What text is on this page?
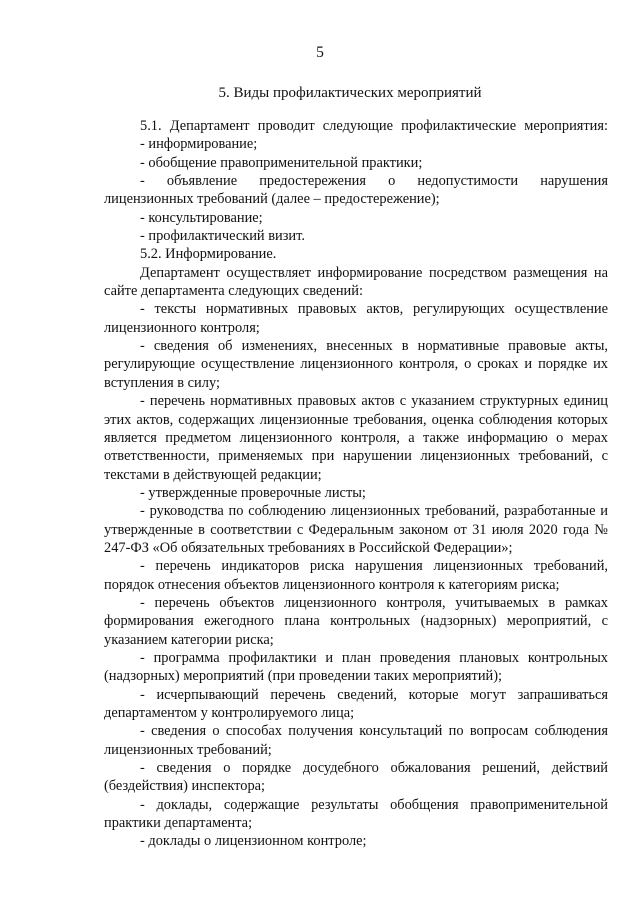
5
5. Виды профилактических мероприятий

5.1. Департамент проводит следующие профилактические мероприятия:

- информирование;

- обобщение правоприменительной практики;

- объявление предостережения о недопустимости нарушения лицензионных требований (далее – предостережение);

- консультирование;

- профилактический визит.

5.2. Информирование.

Департамент осуществляет информирование посредством размещения на сайте департамента следующих сведений:

- тексты нормативных правовых актов, регулирующих осуществление лицензионного контроля;

- сведения об изменениях, внесенных в нормативные правовые акты, регулирующие осуществление лицензионного контроля, о сроках и порядке их вступления в силу;

- перечень нормативных правовых актов с указанием структурных единиц этих актов, содержащих лицензионные требования, оценка соблюдения которых является предметом лицензионного контроля, а также информацию о мерах ответственности, применяемых при нарушении лицензионных требований, с текстами в действующей редакции;

- утвержденные проверочные листы;

- руководства по соблюдению лицензионных требований, разработанные и утвержденные в соответствии с Федеральным законом от 31 июля 2020 года № 247-ФЗ «Об обязательных требованиях в Российской Федерации»;

- перечень индикаторов риска нарушения лицензионных требований, порядок отнесения объектов лицензионного контроля к категориям риска;

- перечень объектов лицензионного контроля, учитываемых в рамках формирования ежегодного плана контрольных (надзорных) мероприятий, с указанием категории риска;

- программа профилактики и план проведения плановых контрольных (надзорных) мероприятий (при проведении таких мероприятий);

- исчерпывающий перечень сведений, которые могут запрашиваться департаментом у контролируемого лица;

- сведения о способах получения консультаций по вопросам соблюдения лицензионных требований;

- сведения о порядке досудебного обжалования решений, действий (бездействия) инспектора;

- доклады, содержащие результаты обобщения правоприменительной практики департамента;

- доклады о лицензионном контроле;
